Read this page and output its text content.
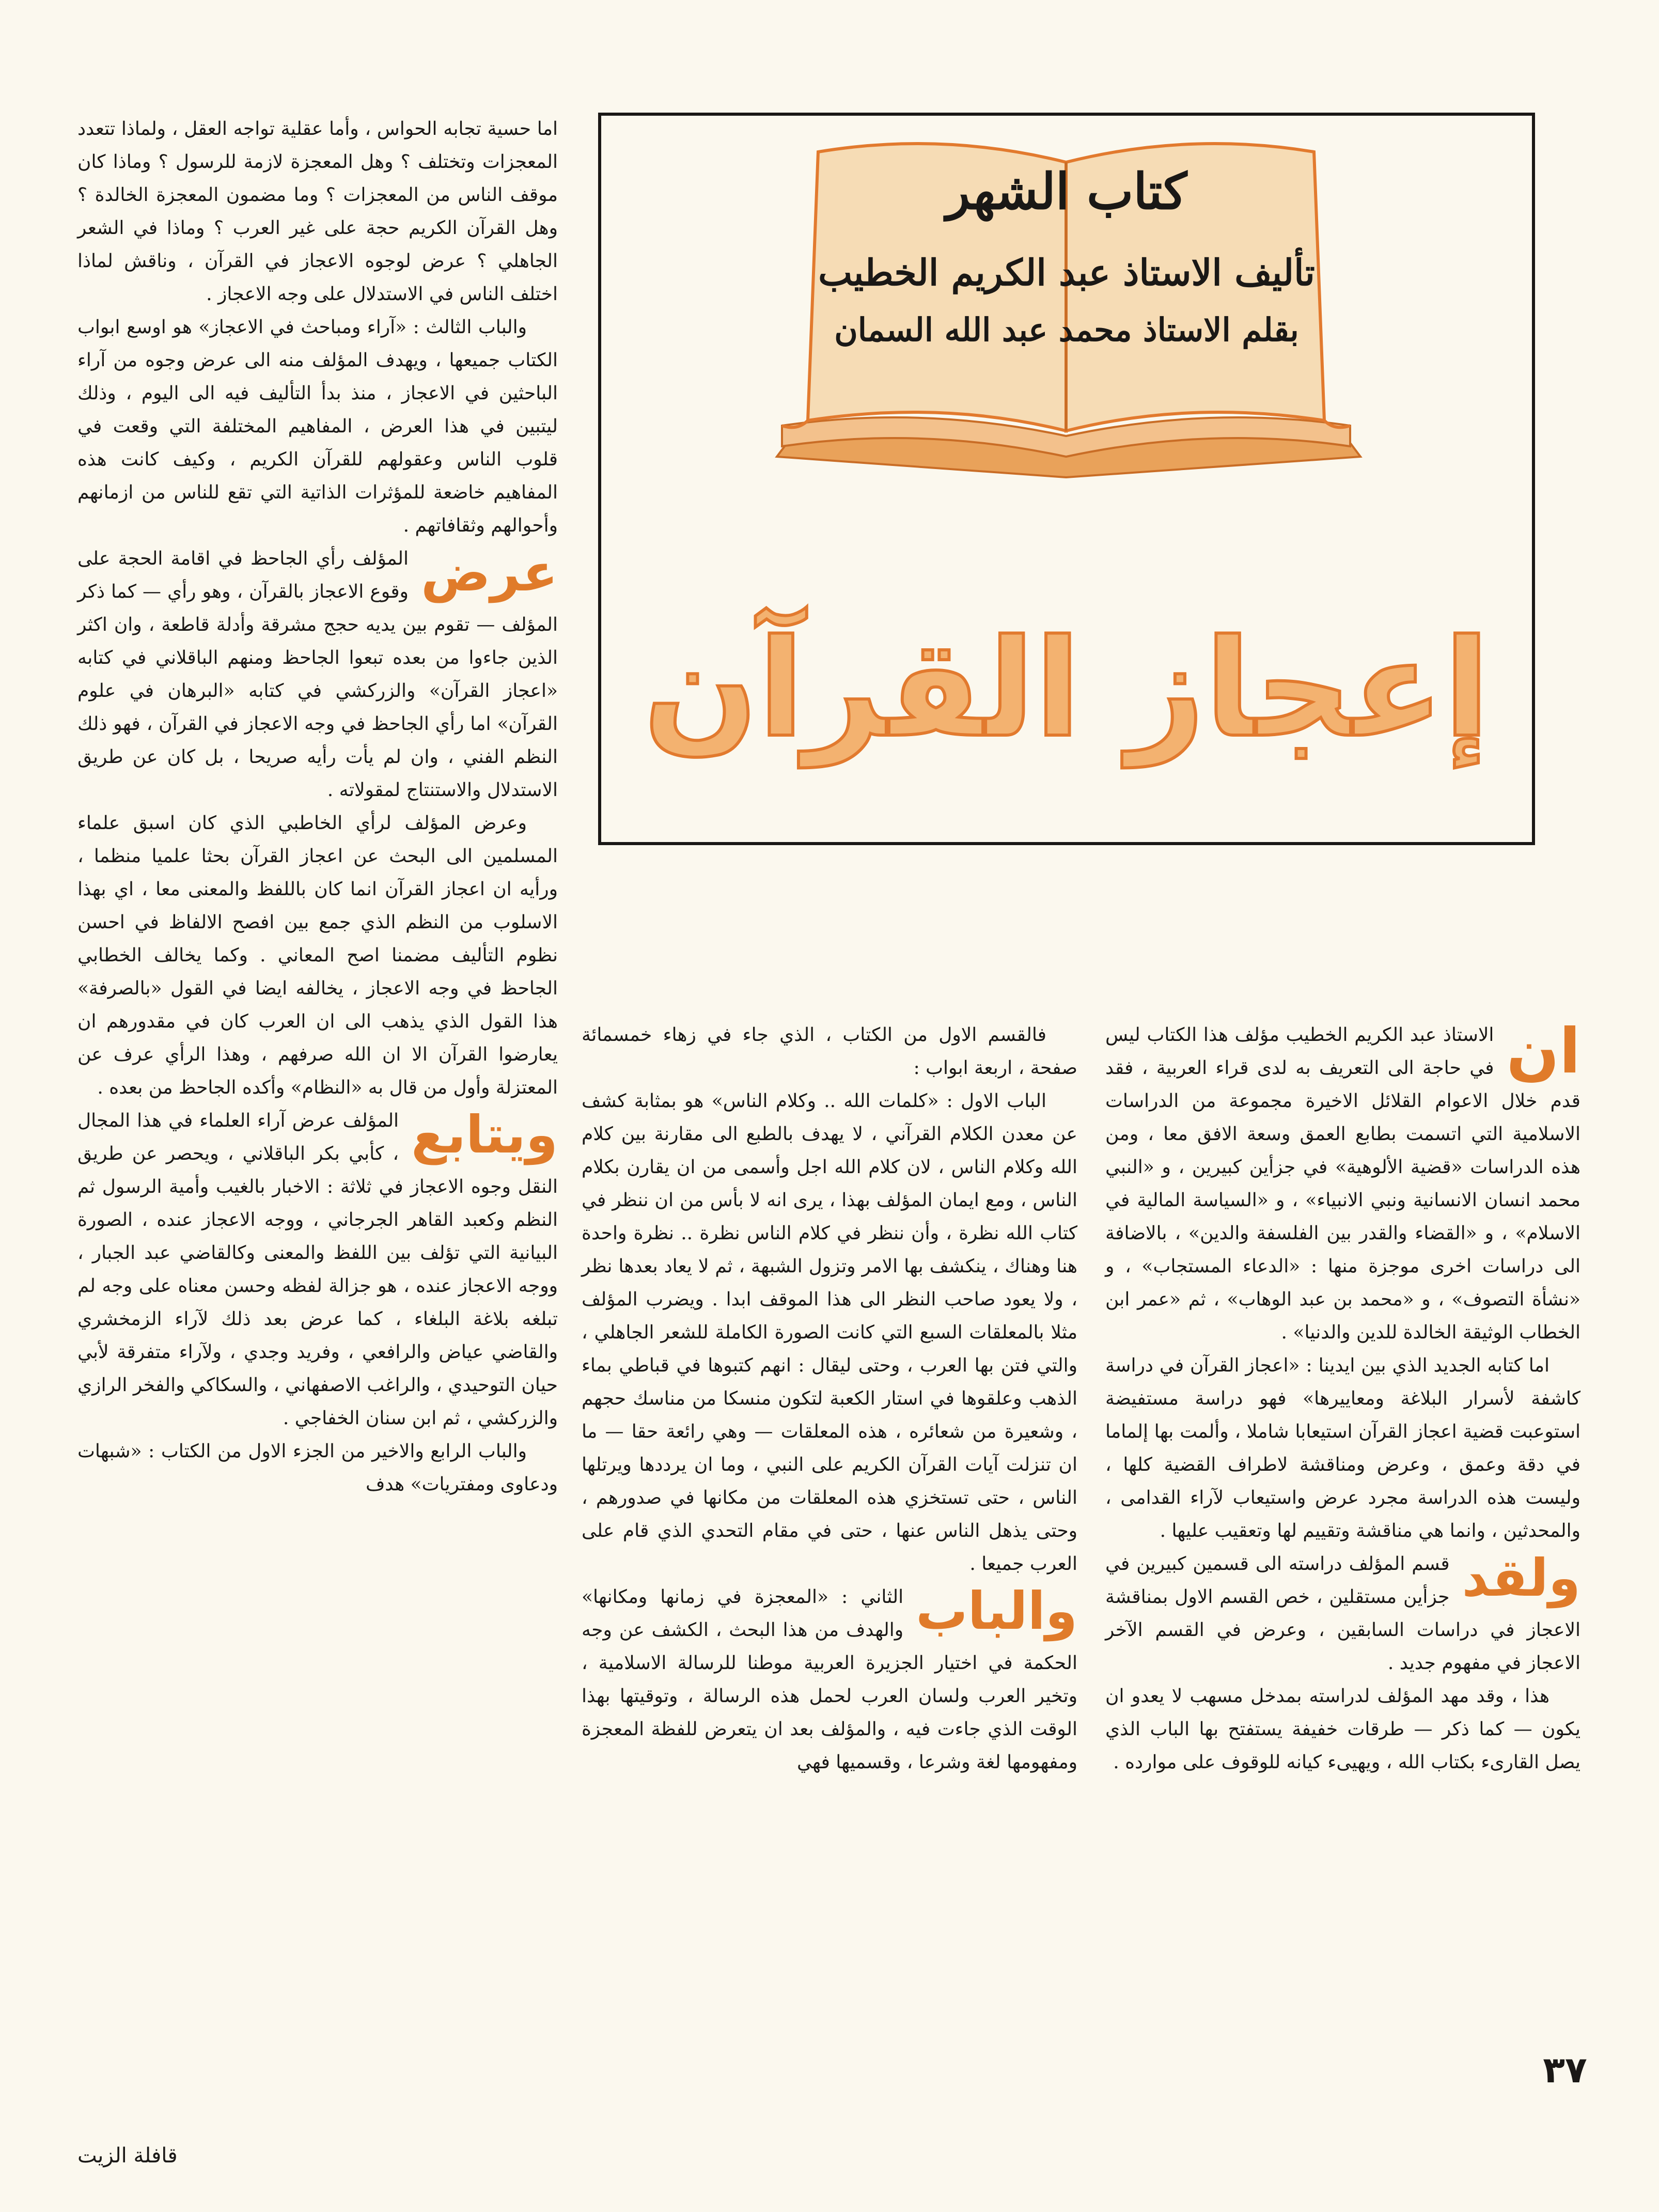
كتاب الشهر
تأليف الاستاذ عبد الكريم الخطيب
بقلم الاستاذ محمد عبد الله السمان
إعجاز القرآن

اما حسية تجابه الحواس ، وأما عقلية تواجه العقل ، ولماذا تتعدد المعجزات وتختلف ؟ وهل المعجزة لازمة للرسول ؟ وماذا كان موقف الناس من المعجزات ؟ وما مضمون المعجزة الخالدة ؟ وهل القرآن الكريم حجة على غير العرب ؟ وماذا في الشعر الجاهلي ؟ عرض لوجوه الاعجاز في القرآن ، وناقش لماذا اختلف الناس في الاستدلال على وجه الاعجاز .

والباب الثالث : «آراء ومباحث في الاعجاز» هو اوسع ابواب الكتاب جميعها ، ويهدف المؤلف منه الى عرض وجوه من آراء الباحثين في الاعجاز ، منذ بدأ التأليف فيه الى اليوم ، وذلك ليتبين في هذا العرض ، المفاهيم المختلفة التي وقعت في قلوب الناس وعقولهم للقرآن الكريم ، وكيف كانت هذه المفاهيم خاضعة للمؤثرات الذاتية التي تقع للناس من ازمانهم وأحوالهم وثقافاتهم .

عرض
المؤلف رأي الجاحظ في اقامة الحجة على وقوع الاعجاز بالقرآن ، وهو رأي — كما ذكر المؤلف — تقوم بين يديه حجج مشرقة وأدلة قاطعة ، وان اكثر الذين جاءوا من بعده تبعوا الجاحظ ومنهم الباقلاني في كتابه «اعجاز القرآن» والزركشي في كتابه «البرهان في علوم القرآن» اما رأي الجاحظ في وجه الاعجاز في القرآن ، فهو ذلك النظم الفني ، وان لم يأت رأيه صريحا ، بل كان عن طريق الاستدلال والاستنتاج لمقولاته .

وعرض المؤلف لرأي الخاطبي الذي كان اسبق علماء المسلمين الى البحث عن اعجاز القرآن بحثا علميا منظما ، ورأيه ان اعجاز القرآن انما كان باللفظ والمعنى معا ، اي بهذا الاسلوب من النظم الذي جمع بين افصح الالفاظ في احسن نظوم التأليف مضمنا اصح المعاني . وكما يخالف الخطابي الجاحظ في وجه الاعجاز ، يخالفه ايضا في القول «بالصرفة» هذا القول الذي يذهب الى ان العرب كان في مقدورهم ان يعارضوا القرآن الا ان الله صرفهم ، وهذا الرأي عرف عن المعتزلة وأول من قال به «النظام» وأكده الجاحظ من بعده .

ويتابع
المؤلف عرض آراء العلماء في هذا المجال ، كأبي بكر الباقلاني ، ويحصر عن طريق النقل وجوه الاعجاز في ثلاثة : الاخبار بالغيب وأمية الرسول ثم النظم وكعبد القاهر الجرجاني ، ووجه الاعجاز عنده ، الصورة البيانية التي تؤلف بين اللفظ والمعنى وكالقاضي عبد الجبار ، ووجه الاعجاز عنده ، هو جزالة لفظه وحسن معناه على وجه لم تبلغه بلاغة البلغاء ، كما عرض بعد ذلك لآراء الزمخشري والقاضي عياض والرافعي ، وفريد وجدي ، ولآراء متفرقة لأبي حيان التوحيدي ، والراغب الاصفهاني ، والسكاكي والفخر الرازي والزركشي ، ثم ابن سنان الخفاجي .

والباب الرابع والاخير من الجزء الاول من الكتاب : «شبهات ودعاوى ومفتريات» هدف

فالقسم الاول من الكتاب ، الذي جاء في زهاء خمسمائة صفحة ، اربعة ابواب :

الباب الاول : «كلمات الله .. وكلام الناس» هو بمثابة كشف عن معدن الكلام القرآني ، لا يهدف بالطبع الى مقارنة بين كلام الله وكلام الناس ، لان كلام الله اجل وأسمى من ان يقارن بكلام الناس ، ومع ايمان المؤلف بهذا ، يرى انه لا بأس من ان ننظر في كتاب الله نظرة ، وأن ننظر في كلام الناس نظرة .. نظرة واحدة هنا وهناك ، ينكشف بها الامر وتزول الشبهة ، ثم لا يعاد بعدها نظر ، ولا يعود صاحب النظر الى هذا الموقف ابدا . ويضرب المؤلف مثلا بالمعلقات السبع التي كانت الصورة الكاملة للشعر الجاهلي ، والتي فتن بها العرب ، وحتى ليقال : انهم كتبوها في قباطي بماء الذهب وعلقوها في استار الكعبة لتكون منسكا من مناسك حجهم ، وشعيرة من شعائره ، هذه المعلقات — وهي رائعة حقا — ما ان تنزلت آيات القرآن الكريم على النبي ، وما ان يرددها ويرتلها الناس ، حتى تستخزي هذه المعلقات من مكانها في صدورهم ، وحتى يذهل الناس عنها ، حتى في مقام التحدي الذي قام على العرب جميعا .

والباب
الثاني : «المعجزة في زمانها ومكانها» والهدف من هذا البحث ، الكشف عن وجه الحكمة في اختيار الجزيرة العربية موطنا للرسالة الاسلامية ، وتخير العرب ولسان العرب لحمل هذه الرسالة ، وتوقيتها بهذا الوقت الذي جاءت فيه ، والمؤلف بعد ان يتعرض للفظة المعجزة ومفهومها لغة وشرعا ، وقسميها فهي

ان
الاستاذ عبد الكريم الخطيب مؤلف هذا الكتاب ليس في حاجة الى التعريف به لدى قراء العربية ، فقد قدم خلال الاعوام القلائل الاخيرة مجموعة من الدراسات الاسلامية التي اتسمت بطابع العمق وسعة الافق معا ، ومن هذه الدراسات «قضية الألوهية» في جزأين كبيرين ، و «النبي محمد انسان الانسانية ونبي الانبياء» ، و «السياسة المالية في الاسلام» ، و «القضاء والقدر بين الفلسفة والدين» ، بالاضافة الى دراسات اخرى موجزة منها : «الدعاء المستجاب» ، و «نشأة التصوف» ، و «محمد بن عبد الوهاب» ، ثم «عمر ابن الخطاب الوثيقة الخالدة للدين والدنيا» .

اما كتابه الجديد الذي بين ايدينا : «اعجاز القرآن في دراسة كاشفة لأسرار البلاغة ومعاييرها» فهو دراسة مستفيضة استوعبت قضية اعجاز القرآن استيعابا شاملا ، وألمت بها إلماما في دقة وعمق ، وعرض ومناقشة لاطراف القضية كلها ، وليست هذه الدراسة مجرد عرض واستيعاب لآراء القدامى ، والمحدثين ، وانما هي مناقشة وتقييم لها وتعقيب عليها .

ولقد
قسم المؤلف دراسته الى قسمين كبيرين في جزأين مستقلين ، خص القسم الاول بمناقشة الاعجاز في دراسات السابقين ، وعرض في القسم الآخر الاعجاز في مفهوم جديد .

هذا ، وقد مهد المؤلف لدراسته بمدخل مسهب لا يعدو ان يكون — كما ذكر — طرقات خفيفة يستفتح بها الباب الذي يصل القارىء بكتاب الله ، ويهيىء كيانه للوقوف على موارده .

٣٧
قافلة الزيت
